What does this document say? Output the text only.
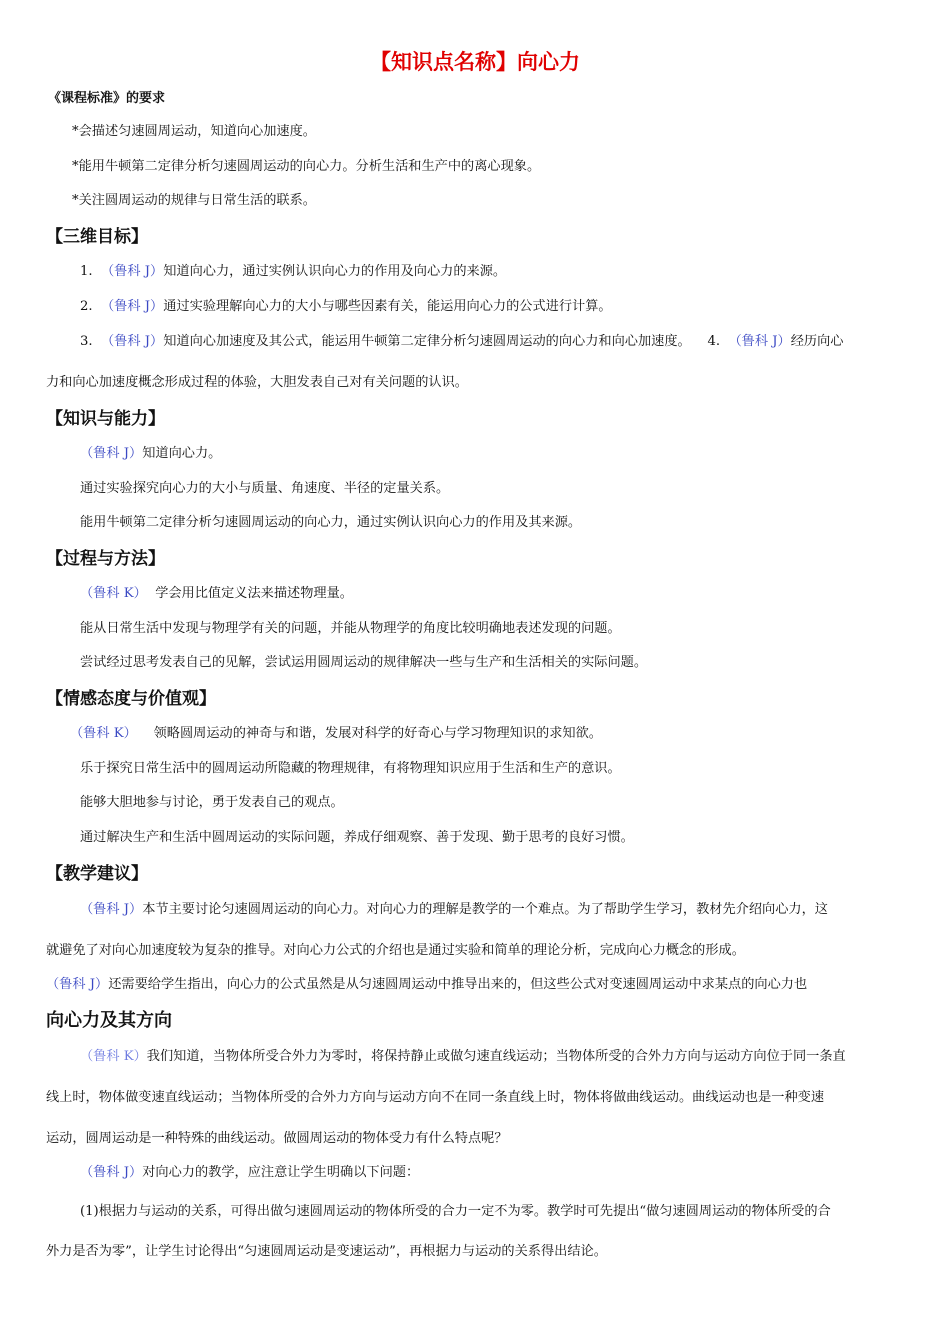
【知识点名称】向心力
《课程标准》的要求
*会描述匀速圆周运动，知道向心加速度。
*能用牛顿第二定律分析匀速圆周运动的向心力。分析生活和生产中的离心现象。
*关注圆周运动的规律与日常生活的联系。
【三维目标】
1. （鲁科 J）知道向心力，通过实例认识向心力的作用及向心力的来源。
2. （鲁科 J）通过实验理解向心力的大小与哪些因素有关，能运用向心力的公式进行计算。
3. （鲁科 J）知道向心加速度及其公式，能运用牛顿第二定律分析匀速圆周运动的向心力和向心加速度。 4. （鲁科 J）经历向心
力和向心加速度概念形成过程的体验，大胆发表自己对有关问题的认识。
【知识与能力】
（鲁科 J）知道向心力。
通过实验探究向心力的大小与质量、角速度、半径的定量关系。
能用牛顿第二定律分析匀速圆周运动的向心力，通过实例认识向心力的作用及其来源。
【过程与方法】
（鲁科 K） 学会用比值定义法来描述物理量。
能从日常生活中发现与物理学有关的问题，并能从物理学的角度比较明确地表述发现的问题。
尝试经过思考发表自己的见解，尝试运用圆周运动的规律解决一些与生产和生活相关的实际问题。
【情感态度与价值观】
（鲁科 K） 领略圆周运动的神奇与和谐，发展对科学的好奇心与学习物理知识的求知欲。
乐于探究日常生活中的圆周运动所隐藏的物理规律，有将物理知识应用于生活和生产的意识。
能够大胆地参与讨论，勇于发表自己的观点。
通过解决生产和生活中圆周运动的实际问题，养成仔细观察、善于发现、勤于思考的良好习惯。
【教学建议】
（鲁科 J）本节主要讨论匀速圆周运动的向心力。对向心力的理解是教学的一个难点。为了帮助学生学习，教材先介绍向心力，这
就避免了对向心加速度较为复杂的推导。对向心力公式的介绍也是通过实验和简单的理论分析，完成向心力概念的形成。
（鲁科 J）还需要给学生指出，向心力的公式虽然是从匀速圆周运动中推导出来的，但这些公式对变速圆周运动中求某点的向心力也
向心力及其方向
（鲁科 K）我们知道，当物体所受合外力为零时，将保持静止或做匀速直线运动；当物体所受的合外力方向与运动方向位于同一条直
线上时，物体做变速直线运动；当物体所受的合外力方向与运动方向不在同一条直线上时，物体将做曲线运动。曲线运动也是一种变速
运动，圆周运动是一种特殊的曲线运动。做圆周运动的物体受力有什么特点呢？
（鲁科 J）对向心力的教学，应注意让学生明确以下问题：
(1)根据力与运动的关系，可得出做匀速圆周运动的物体所受的合力一定不为零。教学时可先提出“做匀速圆周运动的物体所受的合
外力是否为零”，让学生讨论得出“匀速圆周运动是变速运动”，再根据力与运动的关系得出结论。
